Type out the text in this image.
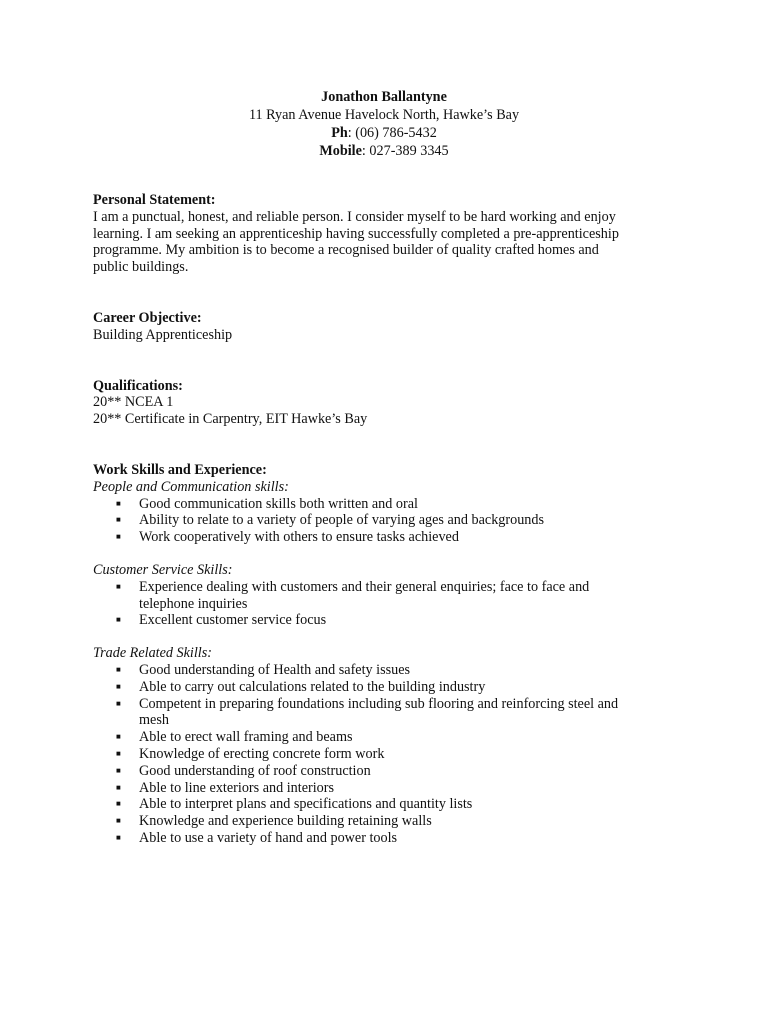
Jonathon Ballantyne
11 Ryan Avenue Havelock North, Hawke’s Bay
Ph: (06) 786-5432
Mobile: 027-389 3345
Personal Statement:
I am a punctual, honest, and reliable person. I consider myself to be hard working and enjoy
learning. I am seeking an apprenticeship having successfully completed a pre-apprenticeship
programme. My ambition is to become a recognised builder of quality crafted homes and
public buildings.
Career Objective:
Building Apprenticeship
Qualifications:
20** NCEA 1
20** Certificate in Carpentry, EIT Hawke’s Bay
Work Skills and Experience:
People and Communication skills:
■ Good communication skills both written and oral
■ Ability to relate to a variety of people of varying ages and backgrounds
■ Work cooperatively with others to ensure tasks achieved
Customer Service Skills:
■ Experience dealing with customers and their general enquiries; face to face and
telephone inquiries
■ Excellent customer service focus
Trade Related Skills:
■ Good understanding of Health and safety issues
■ Able to carry out calculations related to the building industry
■ Competent in preparing foundations including sub flooring and reinforcing steel and
mesh
■ Able to erect wall framing and beams
■ Knowledge of erecting concrete form work
■ Good understanding of roof construction
■ Able to line exteriors and interiors
■ Able to interpret plans and specifications and quantity lists
■ Knowledge and experience building retaining walls
■ Able to use a variety of hand and power tools
